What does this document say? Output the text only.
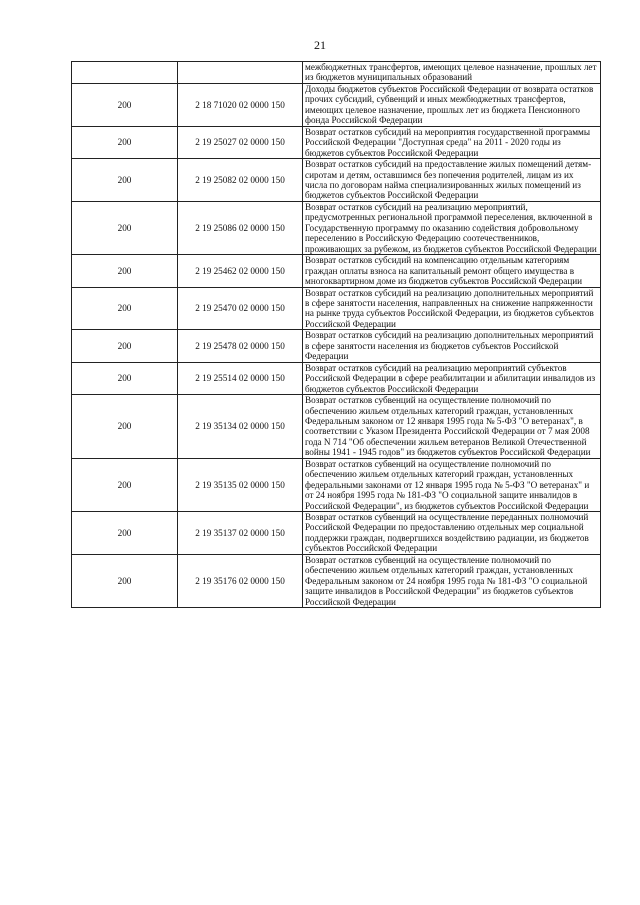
21
		межбюджетных трансфертов, имеющих целевое назначение, прошлых лет из бюджетов муниципальных образований
200	2 18 71020 02 0000 150	Доходы бюджетов субъектов Российской Федерации от возврата остатков прочих субсидий, субвенций и иных межбюджетных трансфертов, имеющих целевое назначение, прошлых лет из бюджета Пенсионного фонда Российской Федерации
200	2 19 25027 02 0000 150	Возврат остатков субсидий на мероприятия государственной программы Российской Федерации "Доступная среда" на 2011 - 2020 годы из бюджетов субъектов Российской Федерации
200	2 19 25082 02 0000 150	Возврат остатков субсидий на предоставление жилых помещений детям-сиротам и детям, оставшимся без попечения родителей, лицам из их числа по договорам найма специализированных жилых помещений из бюджетов субъектов Российской Федерации
200	2 19 25086 02 0000 150	Возврат остатков субсидий на реализацию мероприятий, предусмотренных региональной программой переселения, включенной в Государственную программу по оказанию содействия добровольному переселению в Российскую Федерацию соотечественников, проживающих за рубежом, из бюджетов субъектов Российской Федерации
200	2 19 25462 02 0000 150	Возврат остатков субсидий на компенсацию отдельным категориям граждан оплаты взноса на капитальный ремонт общего имущества в многоквартирном доме из бюджетов субъектов Российской Федерации
200	2 19 25470 02 0000 150	Возврат остатков субсидий на реализацию дополнительных мероприятий в сфере занятости населения, направленных на снижение напряженности на рынке труда субъектов Российской Федерации, из бюджетов субъектов Российской Федерации
200	2 19 25478 02 0000 150	Возврат остатков субсидий на реализацию дополнительных мероприятий в сфере занятости населения из бюджетов субъектов Российской Федерации
200	2 19 25514 02 0000 150	Возврат остатков субсидий на реализацию мероприятий субъектов Российской Федерации в сфере реабилитации и абилитации инвалидов из бюджетов субъектов Российской Федерации
200	2 19 35134 02 0000 150	Возврат остатков субвенций на осуществление полномочий по обеспечению жильем отдельных категорий граждан, установленных Федеральным законом от 12 января 1995 года № 5-ФЗ "О ветеранах", в соответствии с Указом Президента Российской Федерации от 7 мая 2008 года N 714 "Об обеспечении жильем ветеранов Великой Отечественной войны 1941 - 1945 годов" из бюджетов субъектов Российской Федерации
200	2 19 35135 02 0000 150	Возврат остатков субвенций на осуществление полномочий по обеспечению жильем отдельных категорий граждан, установленных федеральными законами от 12 января 1995 года № 5-ФЗ "О ветеранах" и от 24 ноября 1995 года № 181-ФЗ "О социальной защите инвалидов в Российской Федерации", из бюджетов субъектов Российской Федерации
200	2 19 35137 02 0000 150	Возврат остатков субвенций на осуществление переданных полномочий Российской Федерации по предоставлению отдельных мер социальной поддержки граждан, подвергшихся воздействию радиации, из бюджетов субъектов Российской Федерации
200	2 19 35176 02 0000 150	Возврат остатков субвенций на осуществление полномочий по обеспечению жильем отдельных категорий граждан, установленных Федеральным законом от 24 ноября 1995 года № 181-ФЗ "О социальной защите инвалидов в Российской Федерации" из бюджетов субъектов Российской Федерации
